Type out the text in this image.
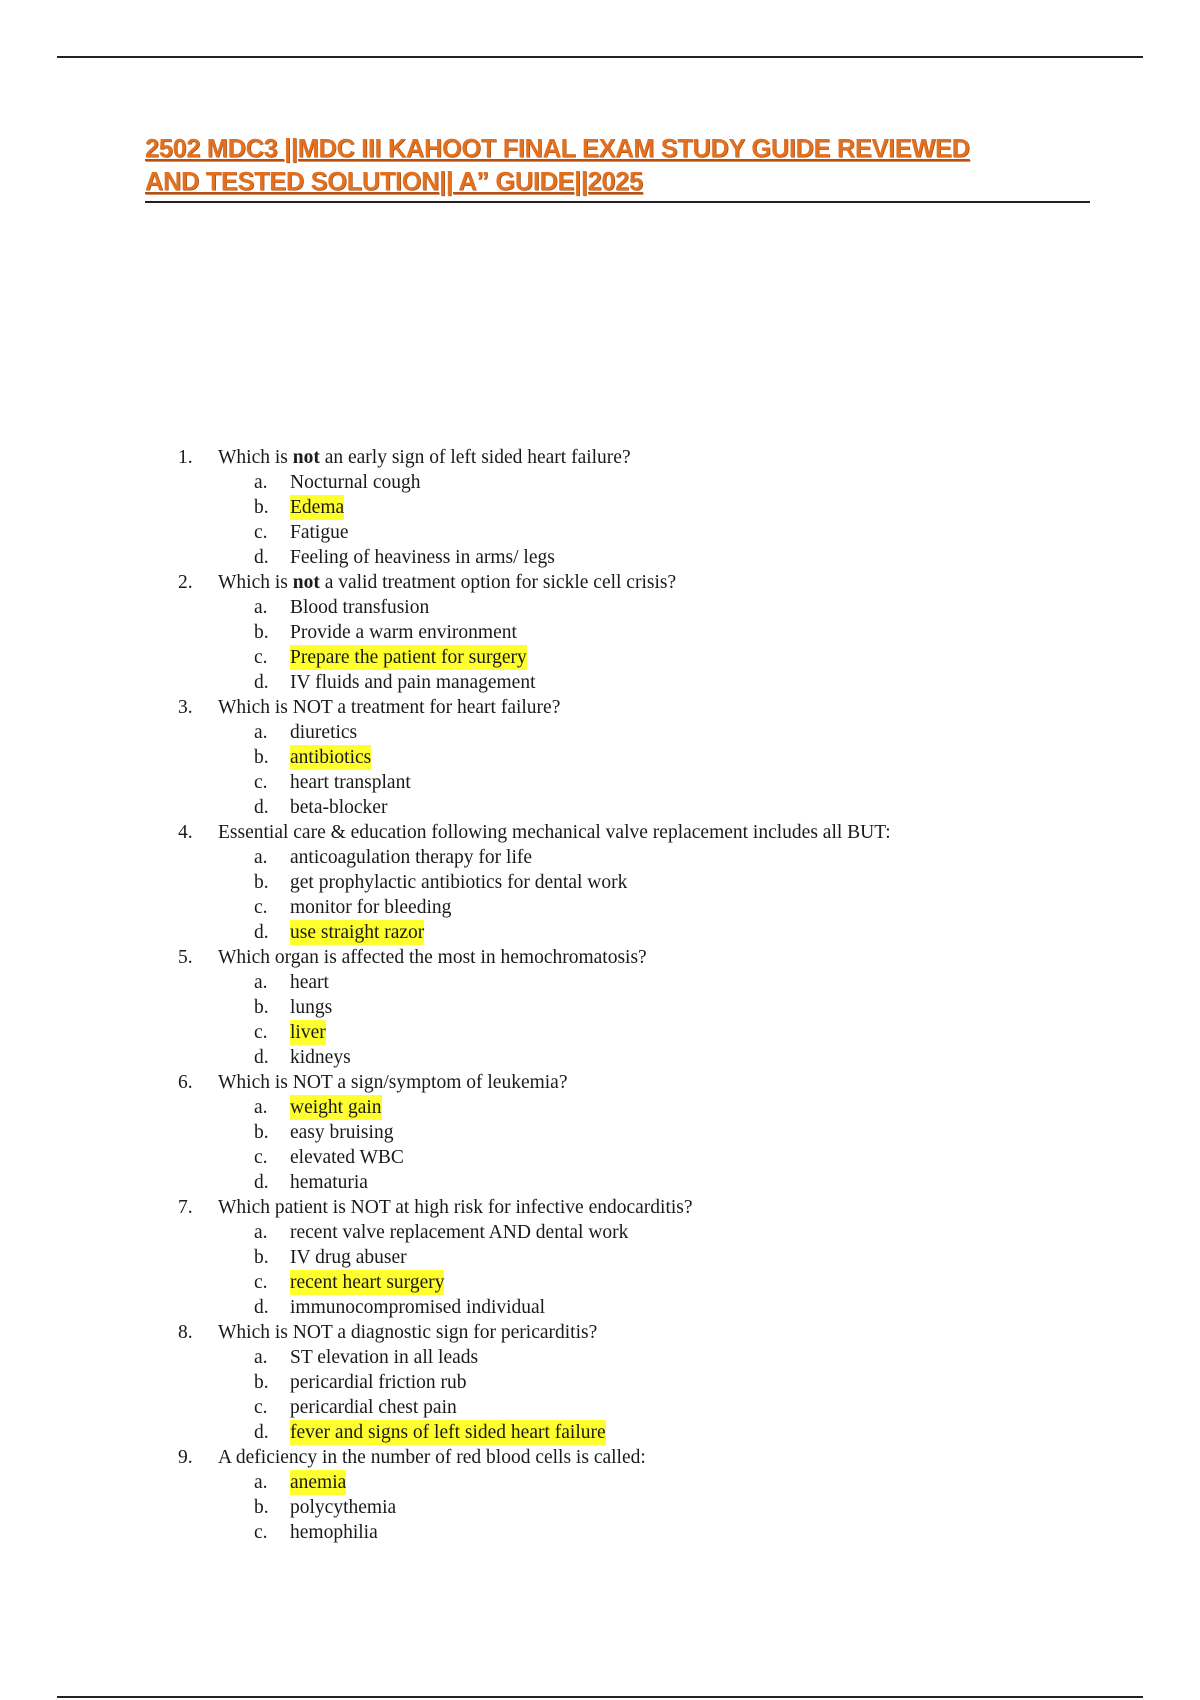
2502 MDC3 ||MDC III KAHOOT FINAL EXAM STUDY GUIDE REVIEWED
AND TESTED SOLUTION|| A” GUIDE||2025
1. Which is not an early sign of left sided heart failure?
a. Nocturnal cough
b. Edema
c. Fatigue
d. Feeling of heaviness in arms/ legs
2. Which is not a valid treatment option for sickle cell crisis?
a. Blood transfusion
b. Provide a warm environment
c. Prepare the patient for surgery
d. IV fluids and pain management
3. Which is NOT a treatment for heart failure?
a. diuretics
b. antibiotics
c. heart transplant
d. beta-blocker
4. Essential care & education following mechanical valve replacement includes all BUT:
a. anticoagulation therapy for life
b. get prophylactic antibiotics for dental work
c. monitor for bleeding
d. use straight razor
5. Which organ is affected the most in hemochromatosis?
a. heart
b. lungs
c. liver
d. kidneys
6. Which is NOT a sign/symptom of leukemia?
a. weight gain
b. easy bruising
c. elevated WBC
d. hematuria
7. Which patient is NOT at high risk for infective endocarditis?
a. recent valve replacement AND dental work
b. IV drug abuser
c. recent heart surgery
d. immunocompromised individual
8. Which is NOT a diagnostic sign for pericarditis?
a. ST elevation in all leads
b. pericardial friction rub
c. pericardial chest pain
d. fever and signs of left sided heart failure
9. A deficiency in the number of red blood cells is called:
a. anemia
b. polycythemia
c. hemophilia
